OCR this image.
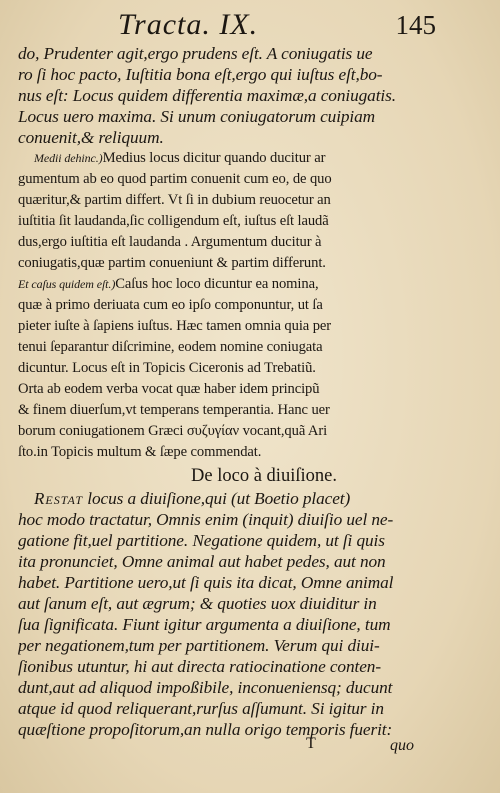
Tracta. IX.	145
do, Prudenter agit,ergo prudens eſt. A coniugatis ue
ro ſi hoc pacto, Iuſtitia bona eſt,ergo qui iuſtus eſt,bo-
nus eſt: Locus quidem differentia maximæ,a coniugatis.
Locus uero maxima. Si unum coniugatorum cuipiam
conuenit,& reliquum.
Medii dehinc.)Medius locus dicitur quando ducitur ar
gumentum ab eo quod partim conuenit cum eo, de quo
quæritur,& partim differt. Vt ſi in dubium reuocetur an
iuſtitia ſit laudanda,ſic colligendum eſt, iuſtus eſt laudã
dus,ergo iuſtitia eſt laudanda . Argumentum ducitur à
coniugatis,quæ partim conueniunt & partim differunt.
Et caſus quidem eſt.)Caſus hoc loco dicuntur ea nomina,
quæ à primo deriuata cum eo ipſo componuntur, ut ſa
pieter iuſte à ſapiens iuſtus. Hæc tamen omnia quia per
tenui ſeparantur diſcrimine, eodem nomine coniugata
dicuntur. Locus eſt in Topicis Ciceronis ad Trebatiũ.
Orta ab eodem verba vocat quæ haber idem principũ
& finem diuerſum,vt temperans temperantia. Hanc uer
borum coniugationem Græci συζυγίαν vocant,quã Ari
ſto.in Topicis multum & ſæpe commendat.
De loco à diuiſione.
Restat locus a diuiſione,qui (ut Boetio placet)
hoc modo tractatur, Omnis enim (inquit) diuiſio uel ne-
gatione fit,uel partitione. Negatione quidem, ut ſi quis
ita pronunciet, Omne animal aut habet pedes, aut non
habet. Partitione uero,ut ſi quis ita dicat, Omne animal
aut ſanum eſt, aut ægrum; & quoties uox diuiditur in
ſua ſignificata. Fiunt igitur argumenta a diuiſione, tum
per negationem,tum per partitionem. Verum qui diui-
ſionibus utuntur, hi aut directa ratiocinatione conten-
dunt,aut ad aliquod impoßibile, inconueniensq; ducunt
atque id quod reliquerant,rurſus aſſumunt. Si igitur in
quæſtione propoſitorum,an nulla origo temporis fuerit:
T	quo
